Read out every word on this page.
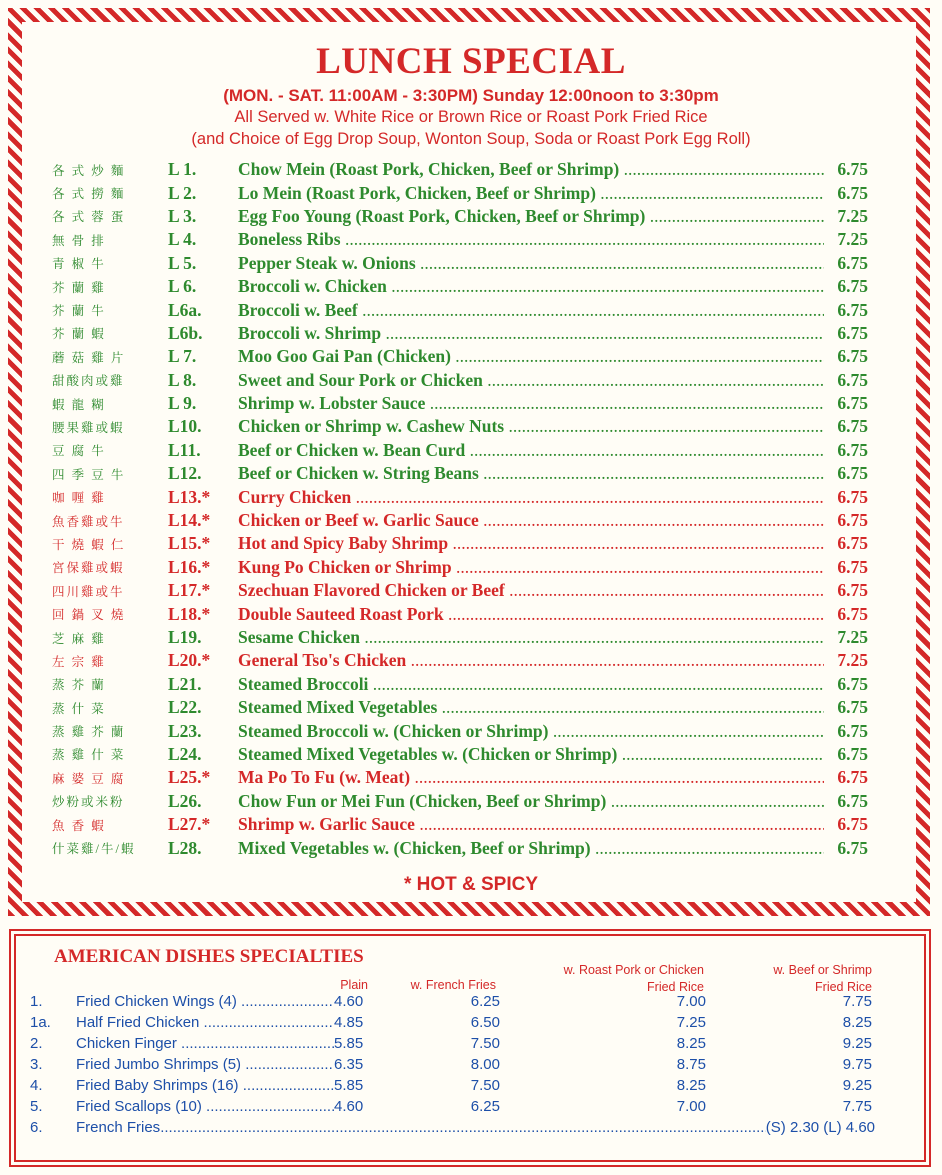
LUNCH SPECIAL
(MON. - SAT. 11:00AM - 3:30PM) Sunday 12:00noon to 3:30pm
All Served w. White Rice or Brown Rice or Roast Pork Fried Rice
(and Choice of Egg Drop Soup, Wonton Soup, Soda or Roast Pork Egg Roll)
各 式 炒 麵	L 1.	Chow Mein (Roast Pork, Chicken, Beef or Shrimp) .....	6.75
各 式 撈 麵	L 2.	Lo Mein (Roast Pork, Chicken, Beef or Shrimp) .....	6.75
各 式 蓉 蛋	L 3.	Egg Foo Young (Roast Pork, Chicken, Beef or Shrimp) .....	7.25
無 骨 排	L 4.	Boneless Ribs .....	7.25
青 椒 牛	L 5.	Pepper Steak w. Onions .....	6.75
芥 蘭 雞	L 6.	Broccoli w. Chicken .....	6.75
芥 蘭 牛	L6a.	Broccoli w. Beef .....	6.75
芥 蘭 蝦	L6b.	Broccoli w. Shrimp .....	6.75
蘑 菇 雞 片	L 7.	Moo Goo Gai Pan (Chicken) .....	6.75
甜酸肉或雞	L 8.	Sweet and Sour Pork or Chicken .....	6.75
蝦 龍 糊	L 9.	Shrimp w. Lobster Sauce .....	6.75
腰果雞或蝦	L10.	Chicken or Shrimp w. Cashew Nuts .....	6.75
豆 腐 牛	L11.	Beef or Chicken w. Bean Curd .....	6.75
四 季 豆 牛	L12.	Beef or Chicken w. String Beans .....	6.75
咖 喱 雞	L13.*	Curry Chicken .....	6.75
魚香雞或牛	L14.*	Chicken or Beef w. Garlic Sauce .....	6.75
干 燒 蝦 仁	L15.*	Hot and Spicy Baby Shrimp .....	6.75
宮保雞或蝦	L16.*	Kung Po Chicken or Shrimp .....	6.75
四川雞或牛	L17.*	Szechuan Flavored Chicken or Beef .....	6.75
回 鍋 叉 燒	L18.*	Double Sauteed Roast Pork .....	6.75
芝 麻 雞	L19.	Sesame Chicken .....	7.25
左 宗 雞	L20.*	General Tso's Chicken .....	7.25
蒸 芥 蘭	L21.	Steamed Broccoli .....	6.75
蒸 什 菜	L22.	Steamed Mixed Vegetables .....	6.75
蒸 雞 芥 蘭	L23.	Steamed Broccoli w. (Chicken or Shrimp) .....	6.75
蒸 雞 什 菜	L24.	Steamed Mixed Vegetables w. (Chicken or Shrimp) .....	6.75
麻 婆 豆 腐	L25.*	Ma Po To Fu (w. Meat) .....	6.75
炒粉或米粉	L26.	Chow Fun or Mei Fun (Chicken, Beef or Shrimp) .....	6.75
魚 香 蝦	L27.*	Shrimp w. Garlic Sauce .....	6.75
什菜雞/牛/蝦	L28.	Mixed Vegetables w. (Chicken, Beef or Shrimp) .....	6.75
* HOT & SPICY
AMERICAN DISHES SPECIALTIES
Plain	w. French Fries
w. Roast Pork or Chicken
Fried Rice
w. Beef or Shrimp
Fried Rice
1.	Fried Chicken Wings (4) .....	4.60	6.25	7.00	7.75
1a.	Half Fried Chicken .....	4.85	6.50	7.25	8.25
2.	Chicken Finger .....	5.85	7.50	8.25	9.25
3.	Fried Jumbo Shrimps (5) .....	6.35	8.00	8.75	9.75
4.	Fried Baby Shrimps (16) .....	5.85	7.50	8.25	9.25
5.	Fried Scallops (10) .....	4.60	6.25	7.00	7.75
6.	French Fries
.....	(S) 2.30 (L) 4.60
